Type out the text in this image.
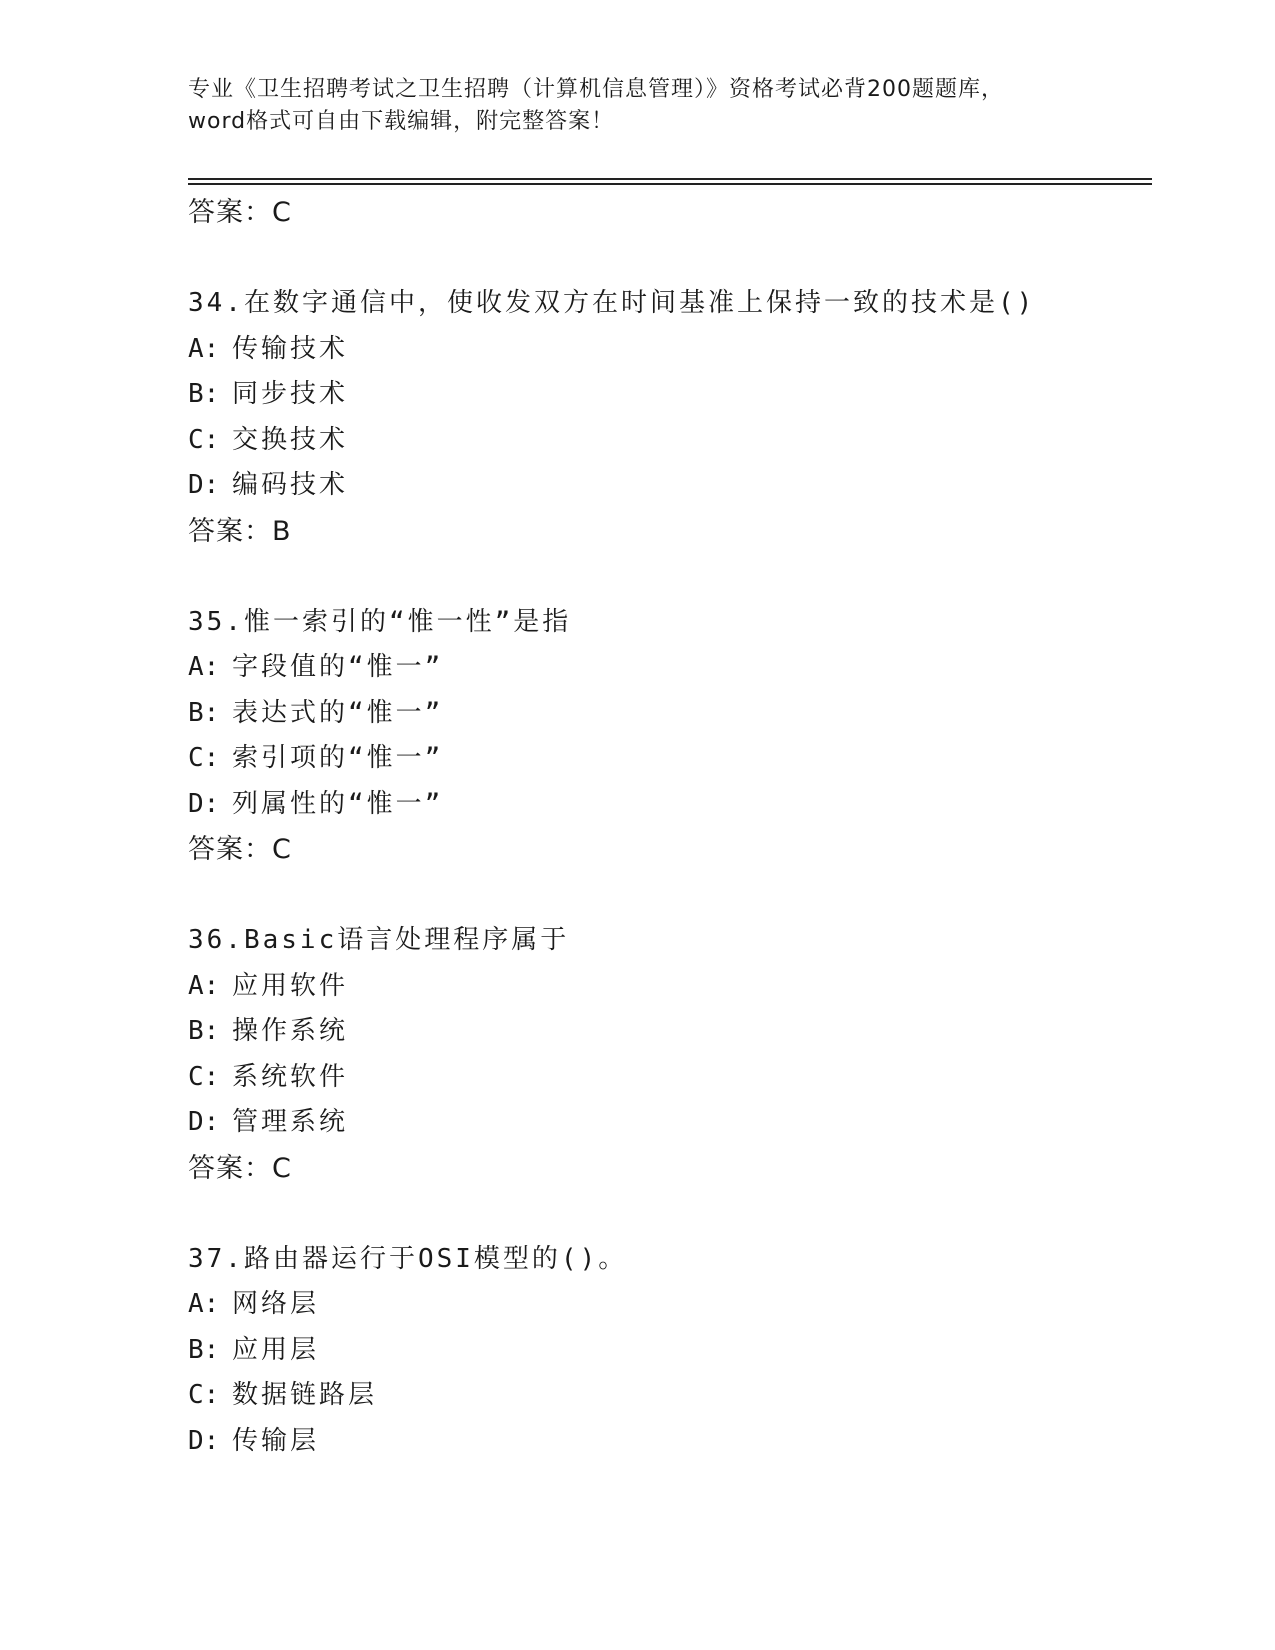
专业《卫生招聘考试之卫生招聘（计算机信息管理）》资格考试必背200题题库，
word格式可自由下载编辑，附完整答案！
答案：C
34.在数字通信中，使收发双方在时间基准上保持一致的技术是()
A: 传输技术
B: 同步技术
C: 交换技术
D: 编码技术
答案：B
35.惟一索引的“惟一性”是指
A: 字段值的“惟一”
B: 表达式的“惟一”
C: 索引项的“惟一”
D: 列属性的“惟一”
答案：C
36.Basic语言处理程序属于
A: 应用软件
B: 操作系统
C: 系统软件
D: 管理系统
答案：C
37.路由器运行于OSI模型的()。
A: 网络层
B: 应用层
C: 数据链路层
D: 传输层
